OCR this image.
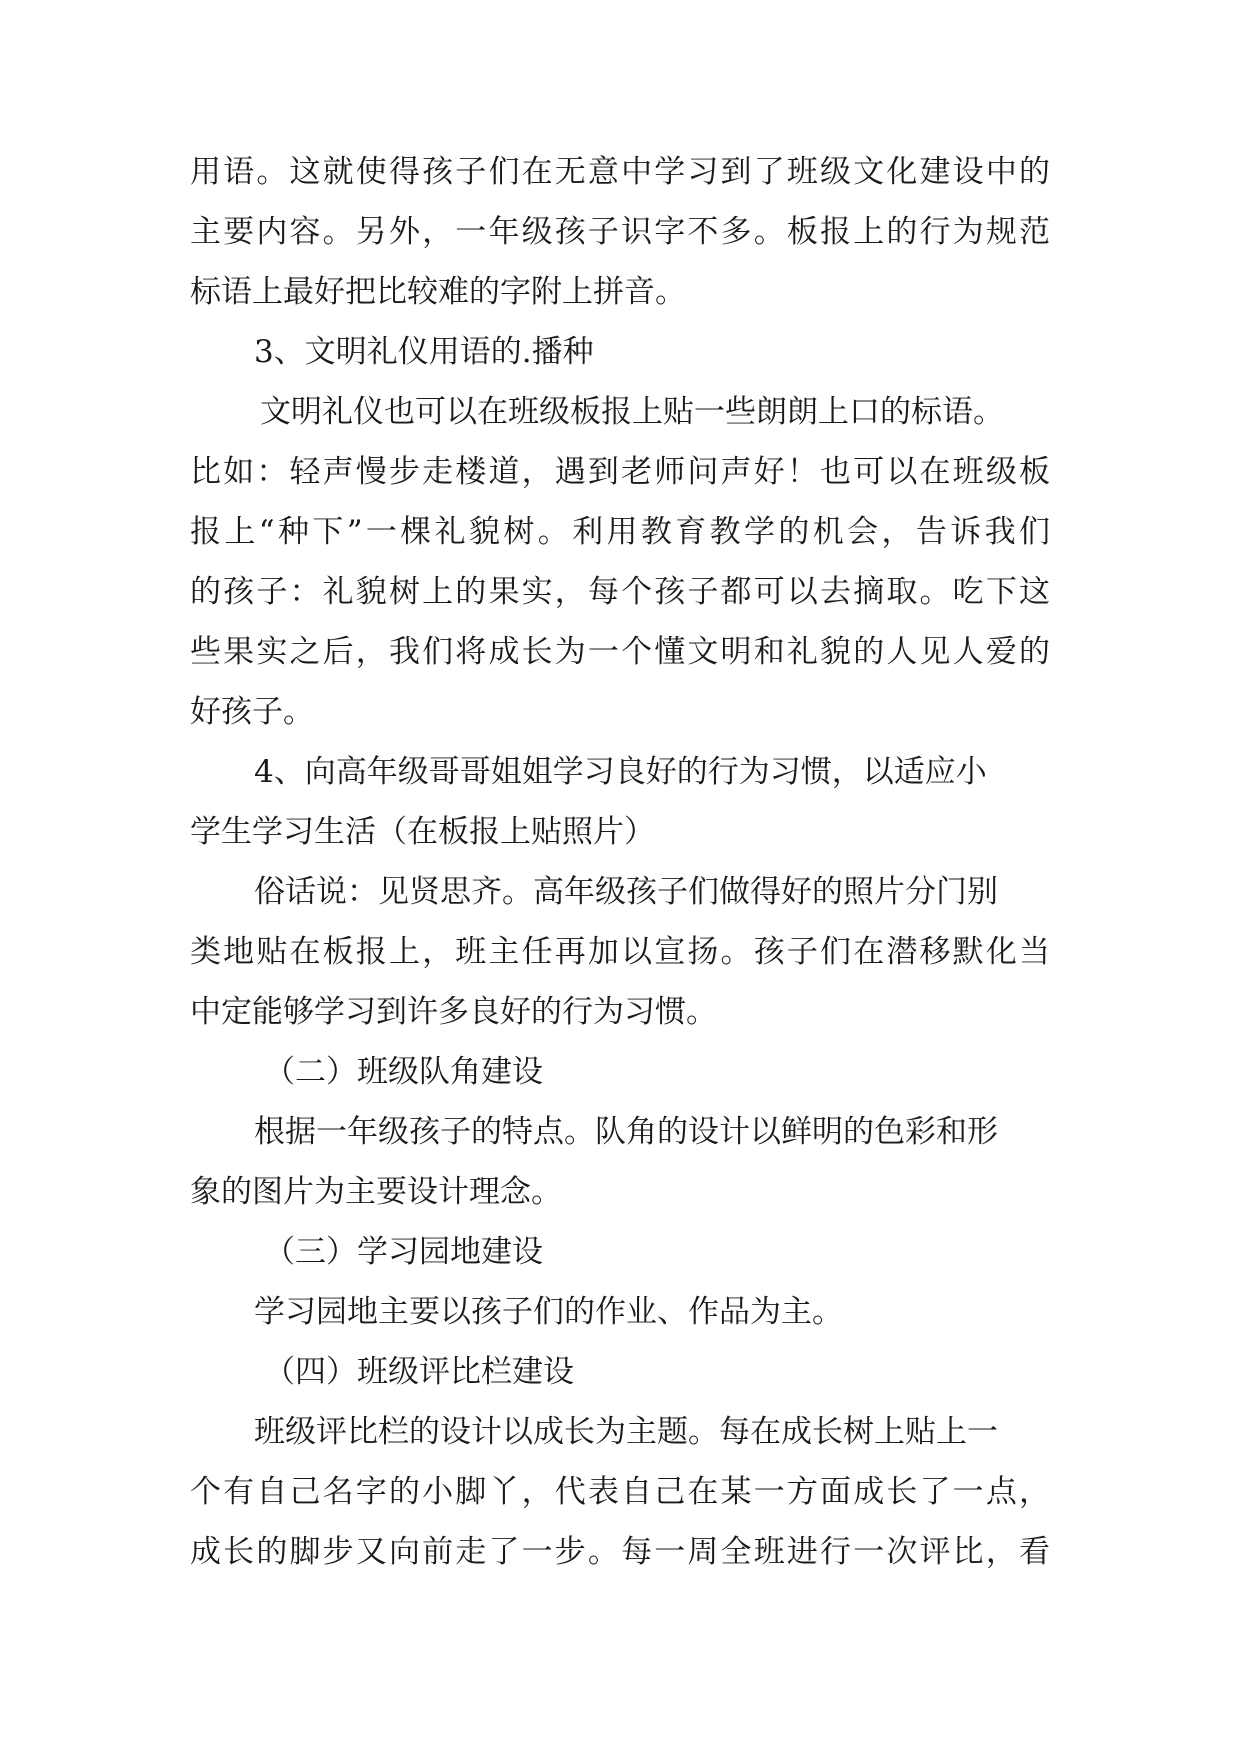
用语。这就使得孩子们在无意中学习到了班级文化建设中的
主要内容。另外，一年级孩子识字不多。板报上的行为规范
标语上最好把比较难的字附上拼音。
3、文明礼仪用语的.播种
文明礼仪也可以在班级板报上贴一些朗朗上口的标语。
比如：轻声慢步走楼道，遇到老师问声好！也可以在班级板
报上“种下”一棵礼貌树。利用教育教学的机会，告诉我们
的孩子：礼貌树上的果实，每个孩子都可以去摘取。吃下这
些果实之后，我们将成长为一个懂文明和礼貌的人见人爱的
好孩子。
4、向高年级哥哥姐姐学习良好的行为习惯，以适应小
学生学习生活（在板报上贴照片）
俗话说：见贤思齐。高年级孩子们做得好的照片分门别
类地贴在板报上，班主任再加以宣扬。孩子们在潜移默化当
中定能够学习到许多良好的行为习惯。
（二）班级队角建设
根据一年级孩子的特点。队角的设计以鲜明的色彩和形
象的图片为主要设计理念。
（三）学习园地建设
学习园地主要以孩子们的作业、作品为主。
（四）班级评比栏建设
班级评比栏的设计以成长为主题。每在成长树上贴上一
个有自己名字的小脚丫，代表自己在某一方面成长了一点，
成长的脚步又向前走了一步。每一周全班进行一次评比，看
